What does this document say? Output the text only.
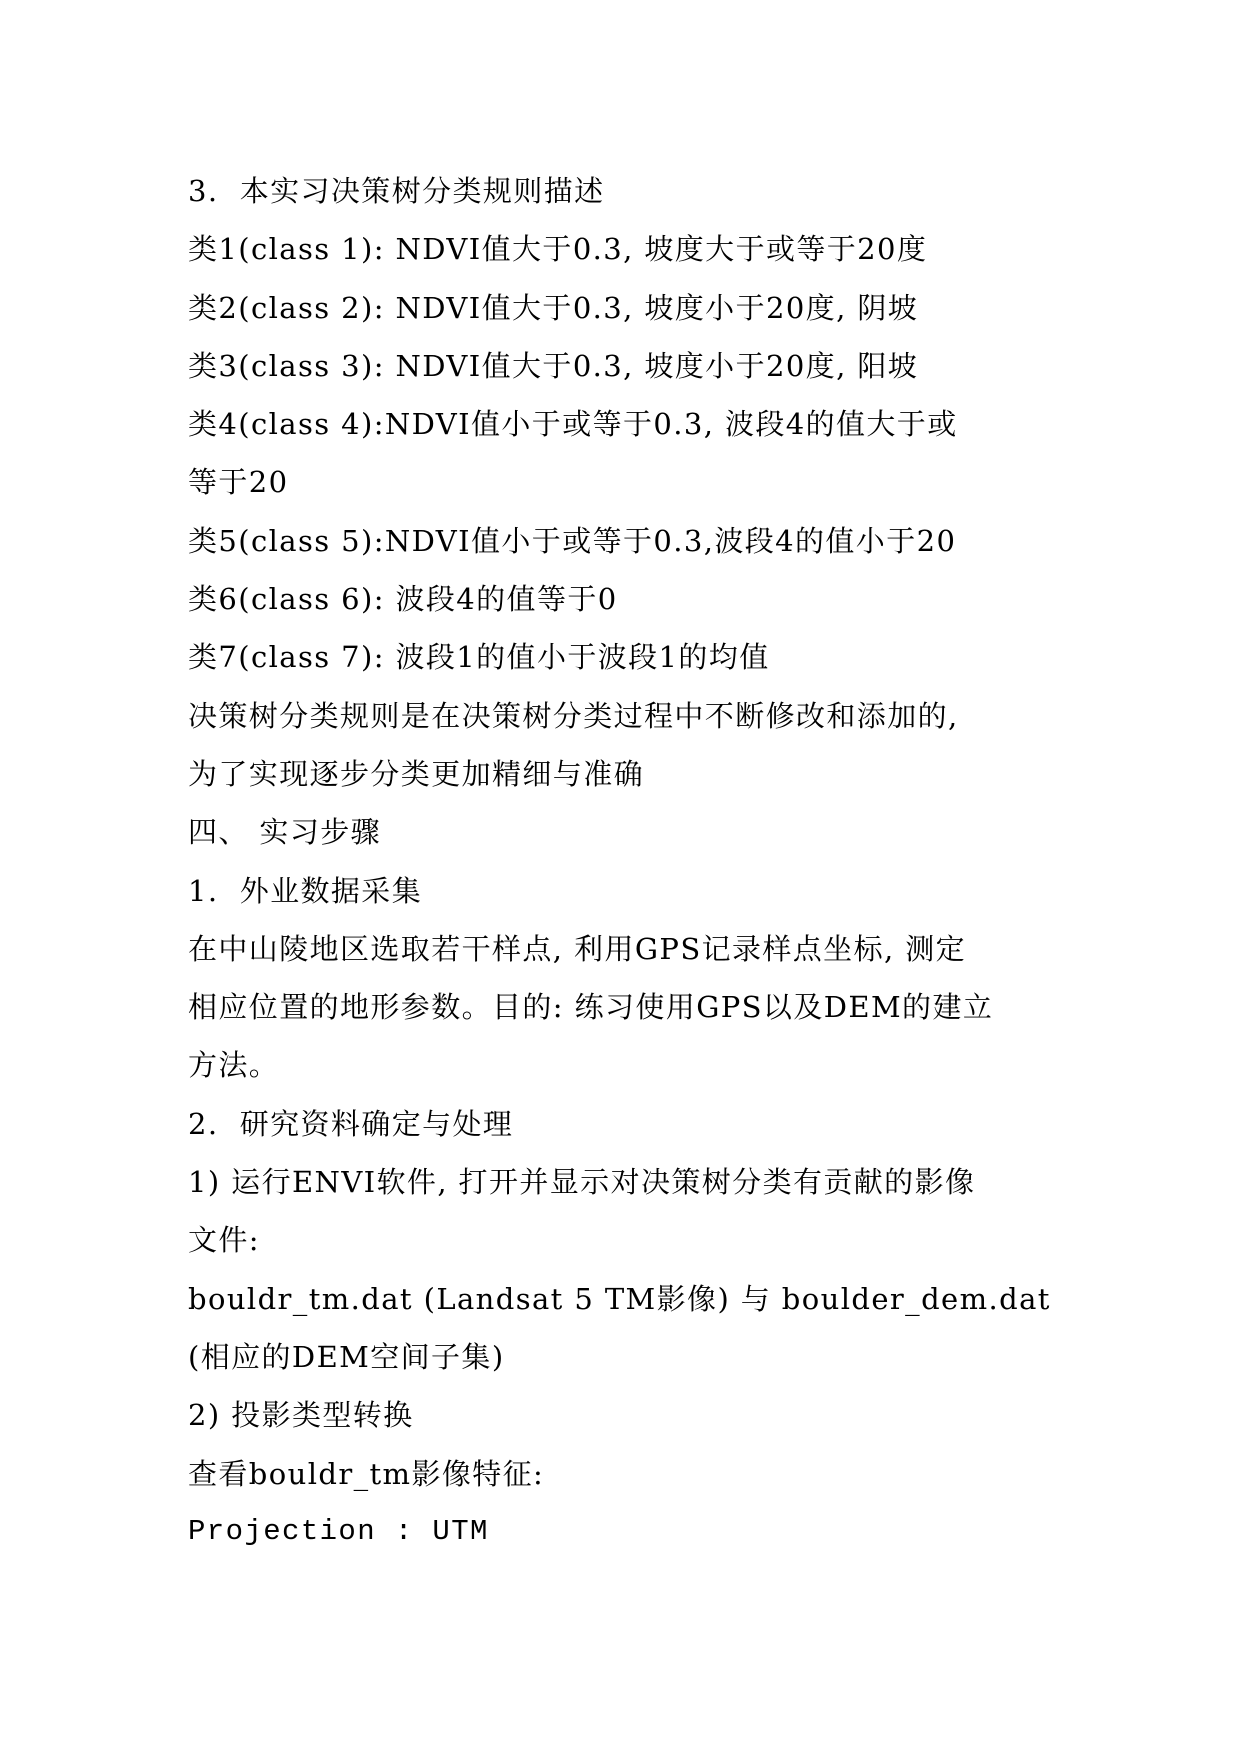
3.  本实习决策树分类规则描述
类1(class 1): NDVI值大于0.3, 坡度大于或等于20度
类2(class 2): NDVI值大于0.3, 坡度小于20度, 阴坡
类3(class 3): NDVI值大于0.3, 坡度小于20度, 阳坡
类4(class 4):NDVI值小于或等于0.3, 波段4的值大于或
等于20
类5(class 5):NDVI值小于或等于0.3,波段4的值小于20
类6(class 6): 波段4的值等于0
类7(class 7): 波段1的值小于波段1的均值
决策树分类规则是在决策树分类过程中不断修改和添加的,
为了实现逐步分类更加精细与准确
四、 实习步骤
1.  外业数据采集
在中山陵地区选取若干样点, 利用GPS记录样点坐标, 测定
相应位置的地形参数。目的: 练习使用GPS以及DEM的建立
方法。
2.  研究资料确定与处理
1) 运行ENVI软件, 打开并显示对决策树分类有贡献的影像
文件:
bouldr_tm.dat (Landsat 5 TM影像) 与 boulder_dem.dat
(相应的DEM空间子集)
2) 投影类型转换
查看bouldr_tm影像特征:
Projection : UTM
